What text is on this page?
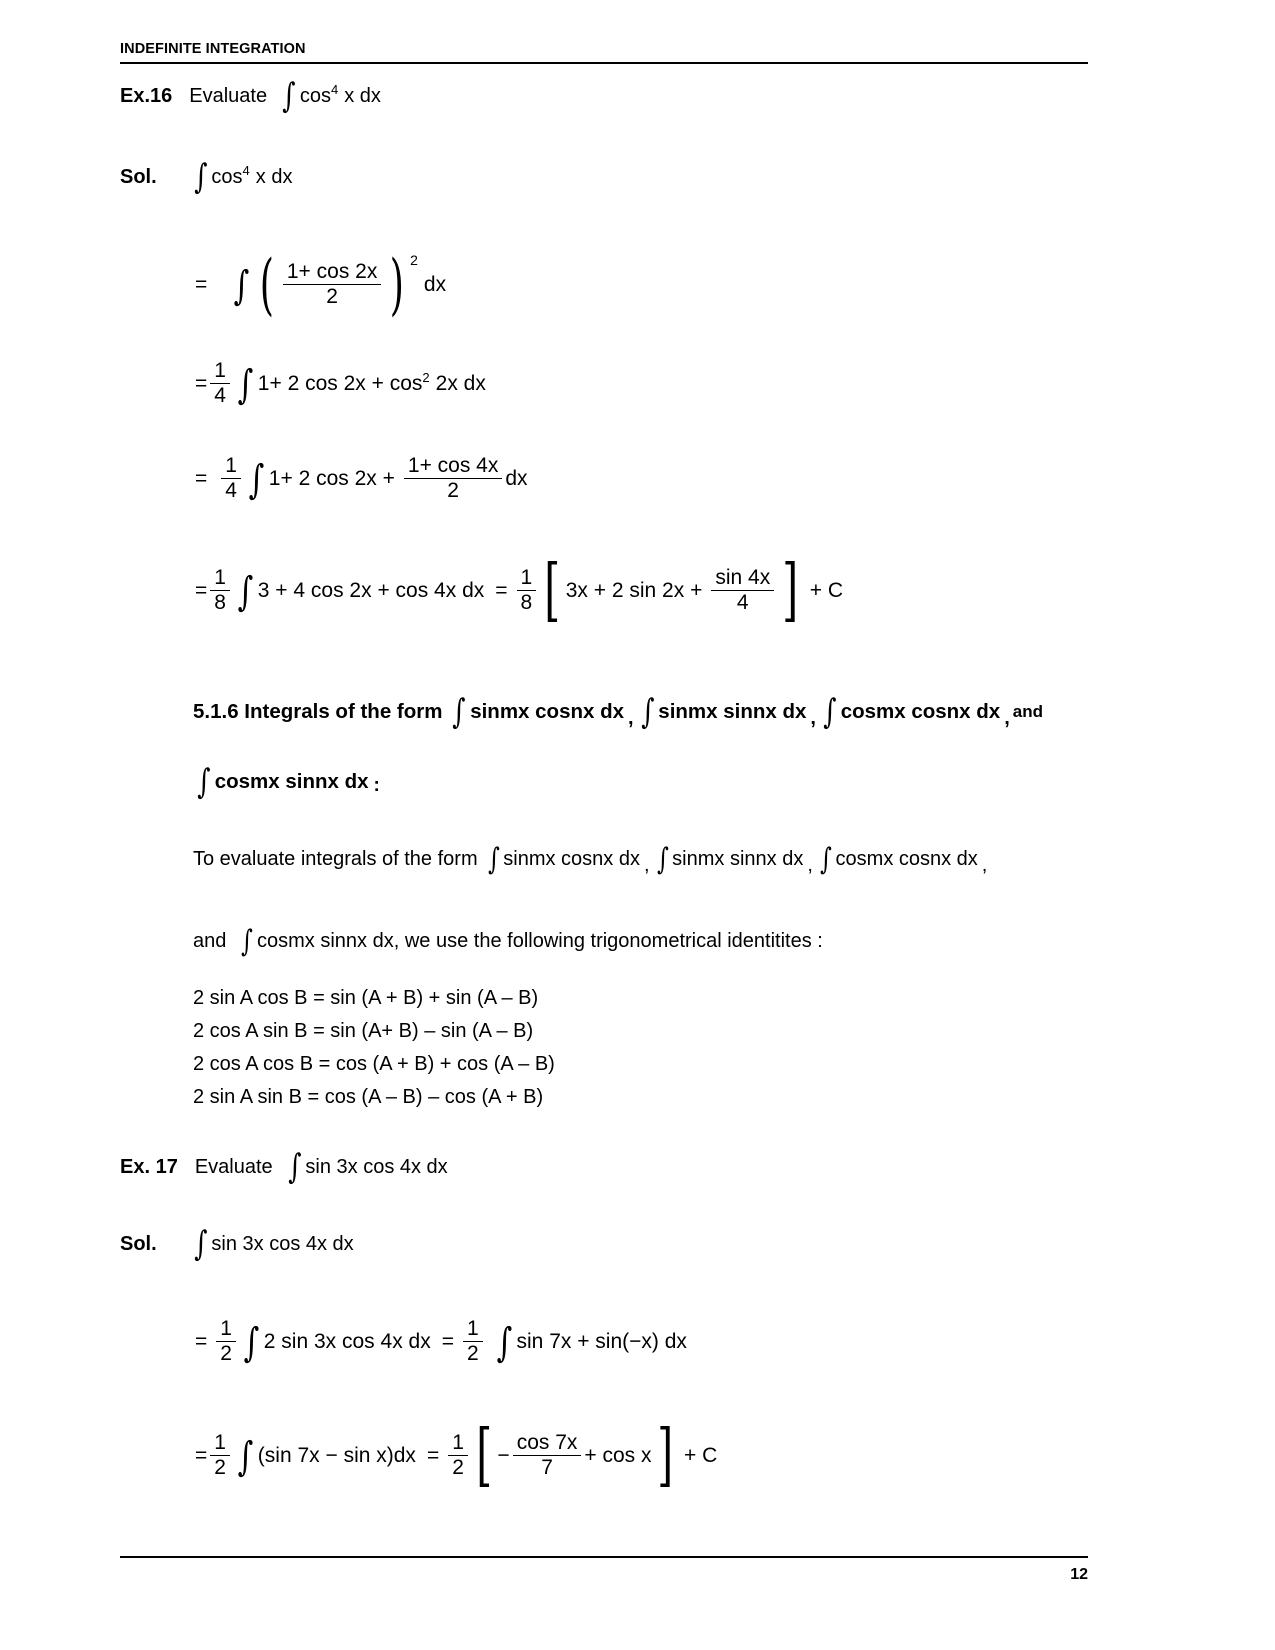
INDEFINITE INTEGRATION
Ex.16 Evaluate ∫ cos 4 x dx
Sol. ∫ cos 4 x dx
= ∫ ( $\frac{1+ \cos 2x}{2}$ ) 2
dx
= $\frac{1}{4}$ ∫ 1+ 2 cos 2x + cos 2 2x dx
= $\frac{1}{4}$ ∫ 1+ 2 $\cos 2x + \frac{1+ \cos 4x}{2}$ dx
= $\frac{1}{8}$ ∫ 3 + 4 cos 2x + cos 4x dx = $\frac{1}{8}$ [ 3x + 2 $\sin 2x + \frac{\sin 4x}{4}$ ] + C
5.1.6 Integrals of the form ∫ sinmx cosnx dx , ∫ sinmx sinnx dx , ∫ cosmx cosnx dx , and
∫ cosmx sinnx dx :
To evaluate integrals of the form ∫ sinmx cosnx dx , ∫ sinmx sinnx dx , ∫ cosmx cosnx dx ,
and ∫ cosmx sinnx dx , we use the following trigonometrical identitites :
2 sin A cos B = sin (A + B) + sin (A – B)
2 cos A sin B = sin (A+ B) – sin (A – B)
2 cos A cos B = cos (A + B) + cos (A – B)
2 sin A sin B = cos (A – B) – cos (A + B)
Ex. 17 Evaluate ∫ sin 3x cos 4x dx
Sol. ∫ sin 3x cos 4x dx
= $\frac{1}{2}$ ∫ 2 sin 3x cos 4x dx = $\frac{1}{2}$ ∫ sin 7x + sin(−x) dx
= $\frac{1}{2}$ ∫ (sin $7x - \sin x)dx = \frac{1}{2}$ [ − $\frac{\cos 7x}{7} + \cos x$ ] + C
12
